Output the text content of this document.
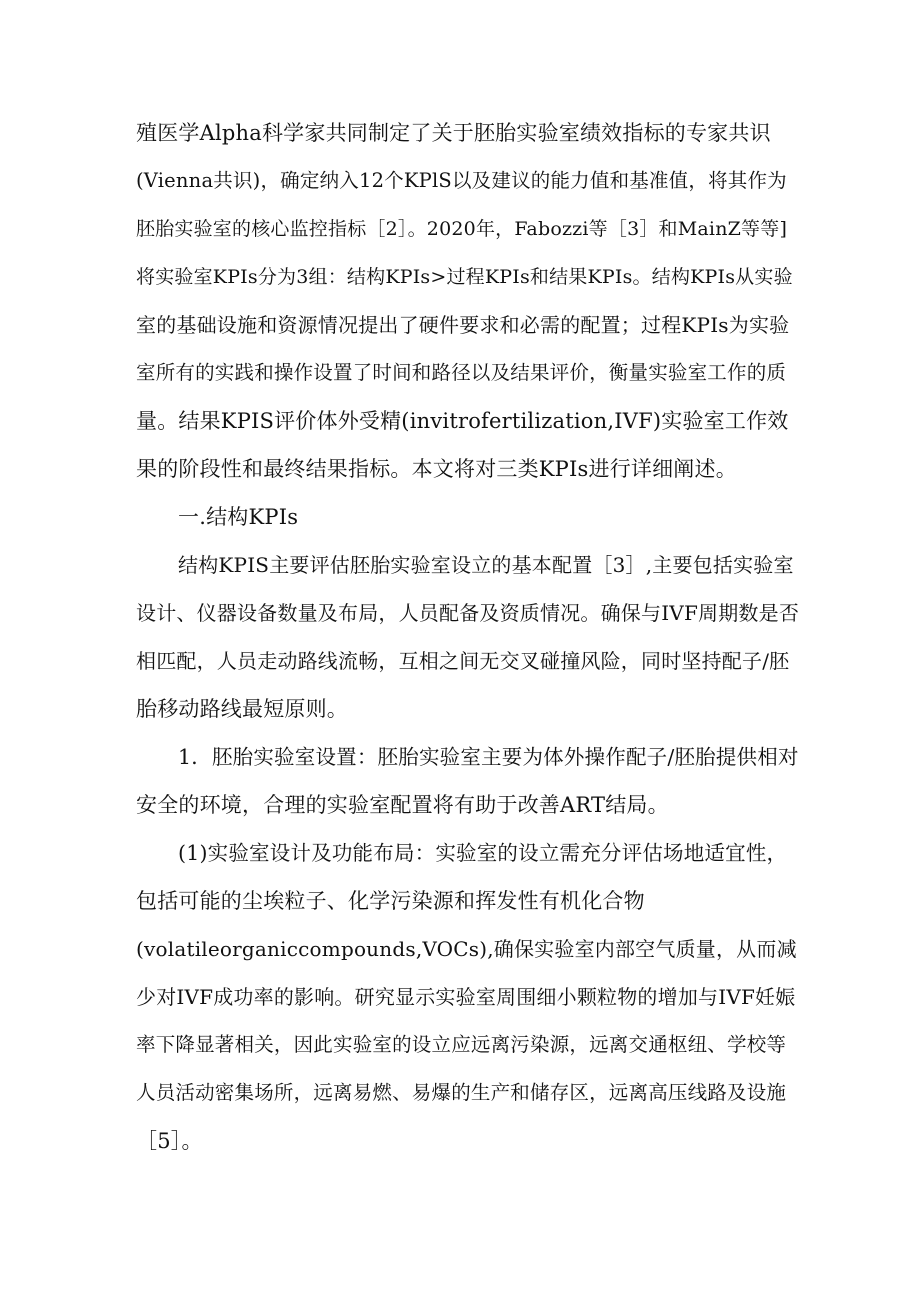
殖医学Alpha科学家共同制定了关于胚胎实验室绩效指标的专家共识
(Vienna共识)，确定纳入12个KPlS以及建议的能力值和基准值，将其作为
胚胎实验室的核心监控指标［2］。2020年，Fabozzi等［3］和MainZ等等]
将实验室KPIs分为3组：结构KPIs>过程KPIs和结果KPIs。结构KPIs从实验
室的基础设施和资源情况提出了硬件要求和必需的配置；过程KPIs为实验
室所有的实践和操作设置了时间和路径以及结果评价，衡量实验室工作的质
量。结果KPIS评价体外受精(invitrofertilization,IVF)实验室工作效
果的阶段性和最终结果指标。本文将对三类KPIs进行详细阐述。
一.结构KPIs
结构KPIS主要评估胚胎实验室设立的基本配置［3］,主要包括实验室
设计、仪器设备数量及布局，人员配备及资质情况。确保与IVF周期数是否
相匹配，人员走动路线流畅，互相之间无交叉碰撞风险，同时坚持配子/胚
胎移动路线最短原则。
1．胚胎实验室设置：胚胎实验室主要为体外操作配子/胚胎提供相对
安全的环境，合理的实验室配置将有助于改善ART结局。
(1)实验室设计及功能布局：实验室的设立需充分评估场地适宜性，
包括可能的尘埃粒子、化学污染源和挥发性有机化合物
(volatileorganiccompounds,VOCs),确保实验室内部空气质量，从而减
少对IVF成功率的影响。研究显示实验室周围细小颗粒物的增加与IVF妊娠
率下降显著相关，因此实验室的设立应远离污染源，远离交通枢纽、学校等
人员活动密集场所，远离易燃、易爆的生产和储存区，远离高压线路及设施
［5］。
